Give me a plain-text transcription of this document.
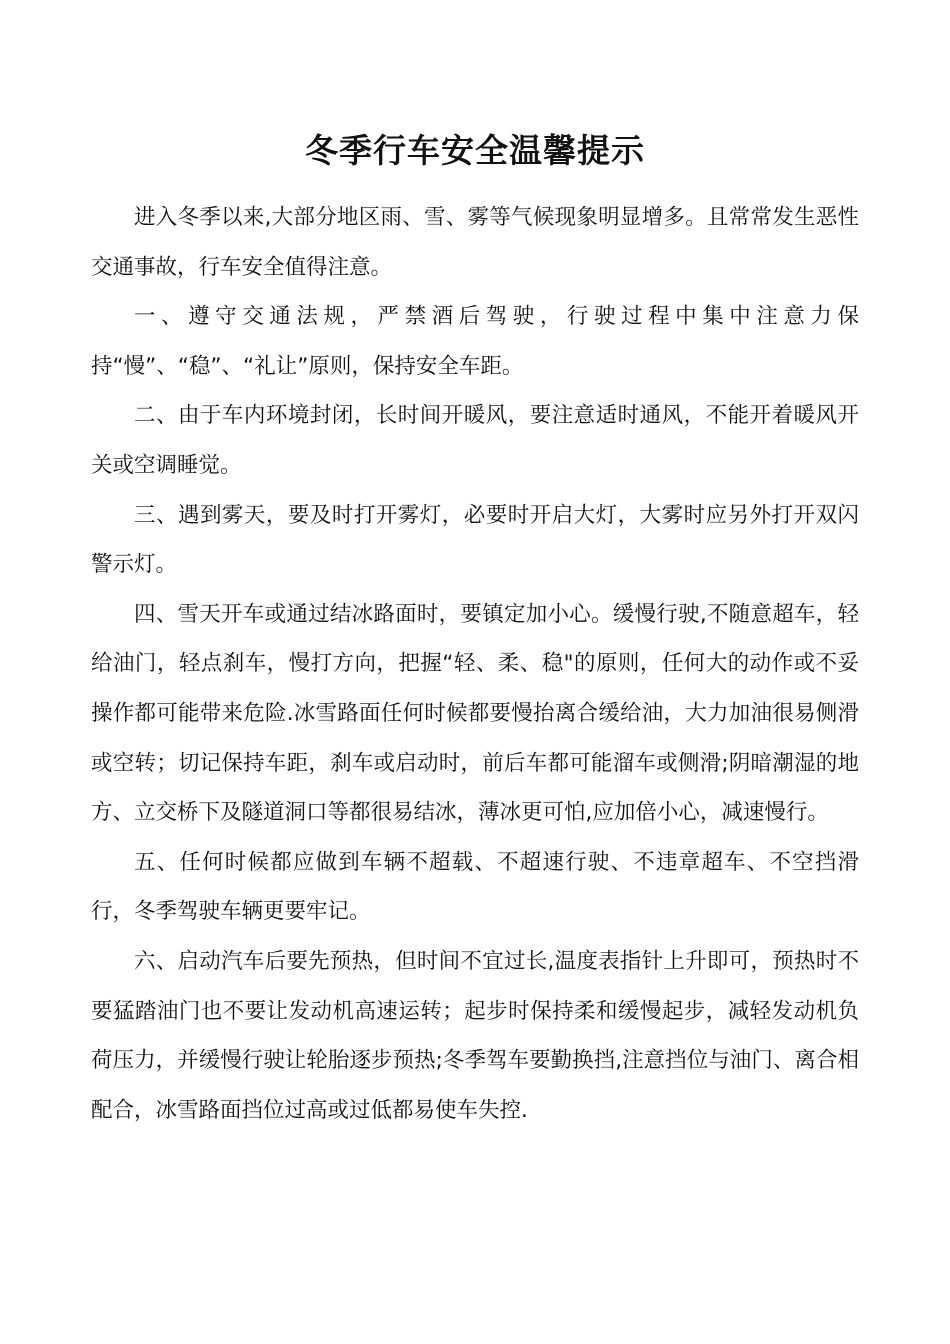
冬季行车安全温馨提示

进入冬季以来,大部分地区雨、雪、雾等气候现象明显增多。且常常发生恶性交通事故，行车安全值得注意。

一、遵守交通法规，严禁酒后驾驶，行驶过程中集中注意力保持“慢”、“稳”、“礼让”原则，保持安全车距。

二、由于车内环境封闭，长时间开暖风，要注意适时通风，不能开着暖风开关或空调睡觉。

三、遇到雾天，要及时打开雾灯，必要时开启大灯，大雾时应另外打开双闪警示灯。

四、雪天开车或通过结冰路面时，要镇定加小心。缓慢行驶,不随意超车，轻给油门，轻点刹车，慢打方向，把握“轻、柔、稳"的原则，任何大的动作或不妥操作都可能带来危险.冰雪路面任何时候都要慢抬离合缓给油，大力加油很易侧滑或空转；切记保持车距，刹车或启动时，前后车都可能溜车或侧滑;阴暗潮湿的地方、立交桥下及隧道洞口等都很易结冰，薄冰更可怕,应加倍小心，减速慢行。

五、任何时候都应做到车辆不超载、不超速行驶、不违章超车、不空挡滑行，冬季驾驶车辆更要牢记。

六、启动汽车后要先预热，但时间不宜过长,温度表指针上升即可，预热时不要猛踏油门也不要让发动机高速运转；起步时保持柔和缓慢起步，减轻发动机负荷压力，并缓慢行驶让轮胎逐步预热;冬季驾车要勤换挡,注意挡位与油门、离合相配合，冰雪路面挡位过高或过低都易使车失控.
